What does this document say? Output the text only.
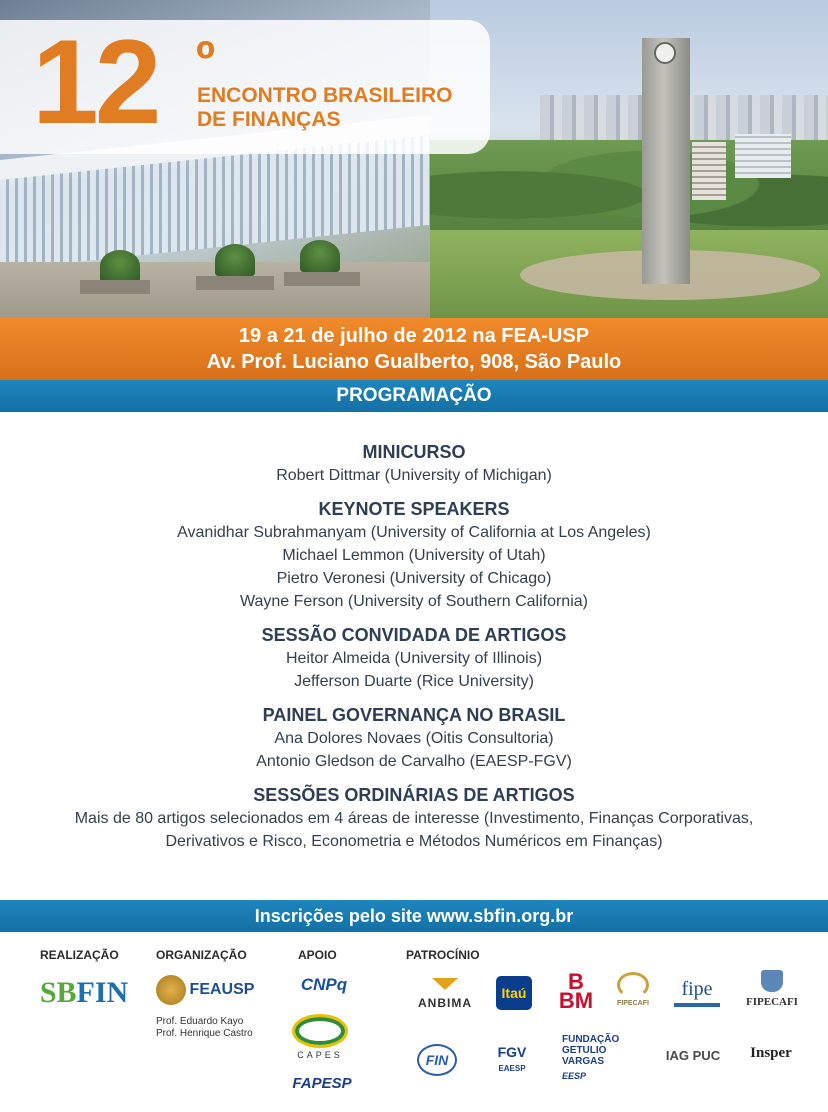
12 º
ENCONTRO BRASILEIRO
DE FINANÇAS
19 a 21 de julho de 2012 na FEA-USP
Av. Prof. Luciano Gualberto, 908, São Paulo
PROGRAMAÇÃO
MINICURSO
Robert Dittmar (University of Michigan)
KEYNOTE SPEAKERS
Avanidhar Subrahmanyam (University of California at Los Angeles)
Michael Lemmon (University of Utah)
Pietro Veronesi (University of Chicago)
Wayne Ferson (University of Southern California)
SESSÃO CONVIDADA DE ARTIGOS
Heitor Almeida (University of Illinois)
Jefferson Duarte (Rice University)
PAINEL GOVERNANÇA NO BRASIL
Ana Dolores Novaes (Oitis Consultoria)
Antonio Gledson de Carvalho (EAESP-FGV)
SESSÕES ORDINÁRIAS DE ARTIGOS
Mais de 80 artigos selecionados em 4 áreas de interesse (Investimento, Finanças Corporativas,
Derivativos e Risco, Econometria e Métodos Numéricos em Finanças)
Inscrições pelo site www.sbfin.org.br
REALIZAÇÃO	ORGANIZAÇÃO	APOIO	PATROCÍNIO
SB FIN	FEAUSP
Prof. Eduardo Kayo
Prof. Henrique Castro
CNPq
CAPES
FAPESP
ANBIMA
Itaú B
BM	FIPECAFI
fipe
FIPECAFI
FIN
FGV
EAESP
FUNDAÇÃO GETULIO VARGAS
EESP
IAG PUC Insper
